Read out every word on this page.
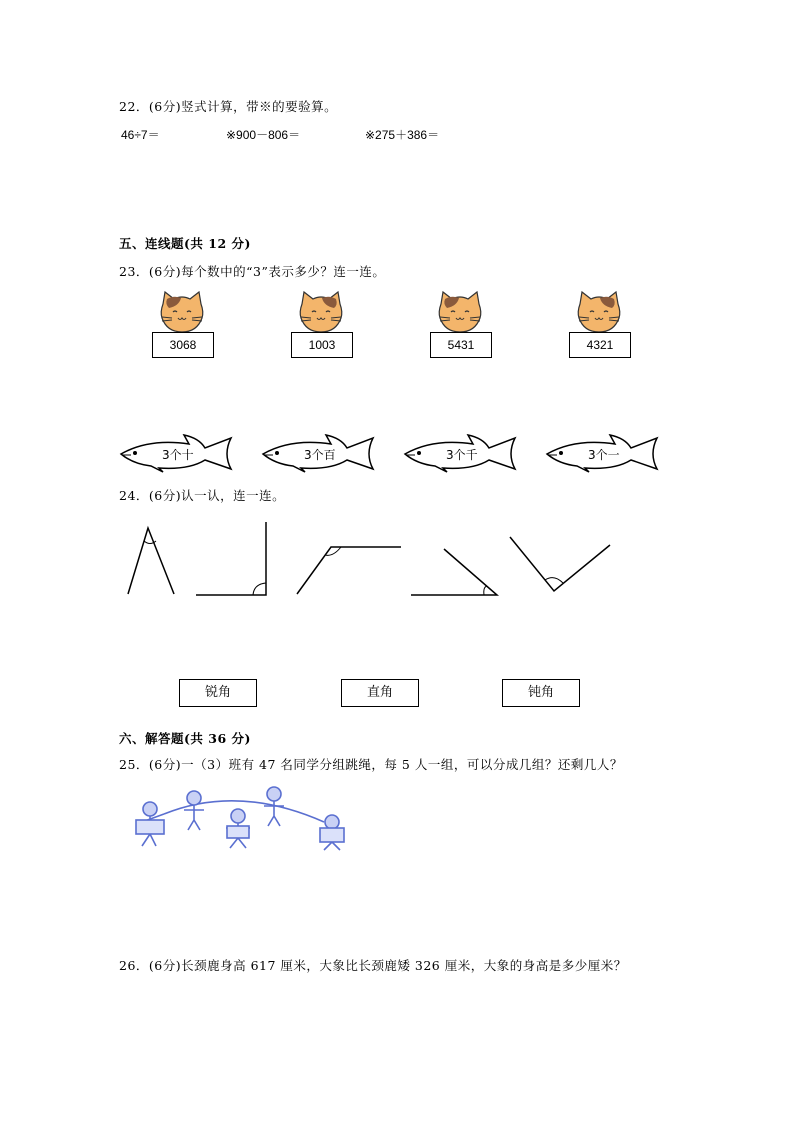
22．(6分)竖式计算，带※的要验算。
46÷7＝	※900－806＝	※275＋386＝
五、连线题(共 12 分)
23．(6分)每个数中的“3”表示多少？连一连。
3068	1003	5431	4321
3个十	3个百	3个千	3个一
24．(6分)认一认，连一连。
锐角	直角	钝角
六、解答题(共 36 分)
25．(6分)一（3）班有 47 名同学分组跳绳，每 5 人一组，可以分成几组？还剩几人？
26．(6分)长颈鹿身高 617 厘米，大象比长颈鹿矮 326 厘米，大象的身高是多少厘米？
